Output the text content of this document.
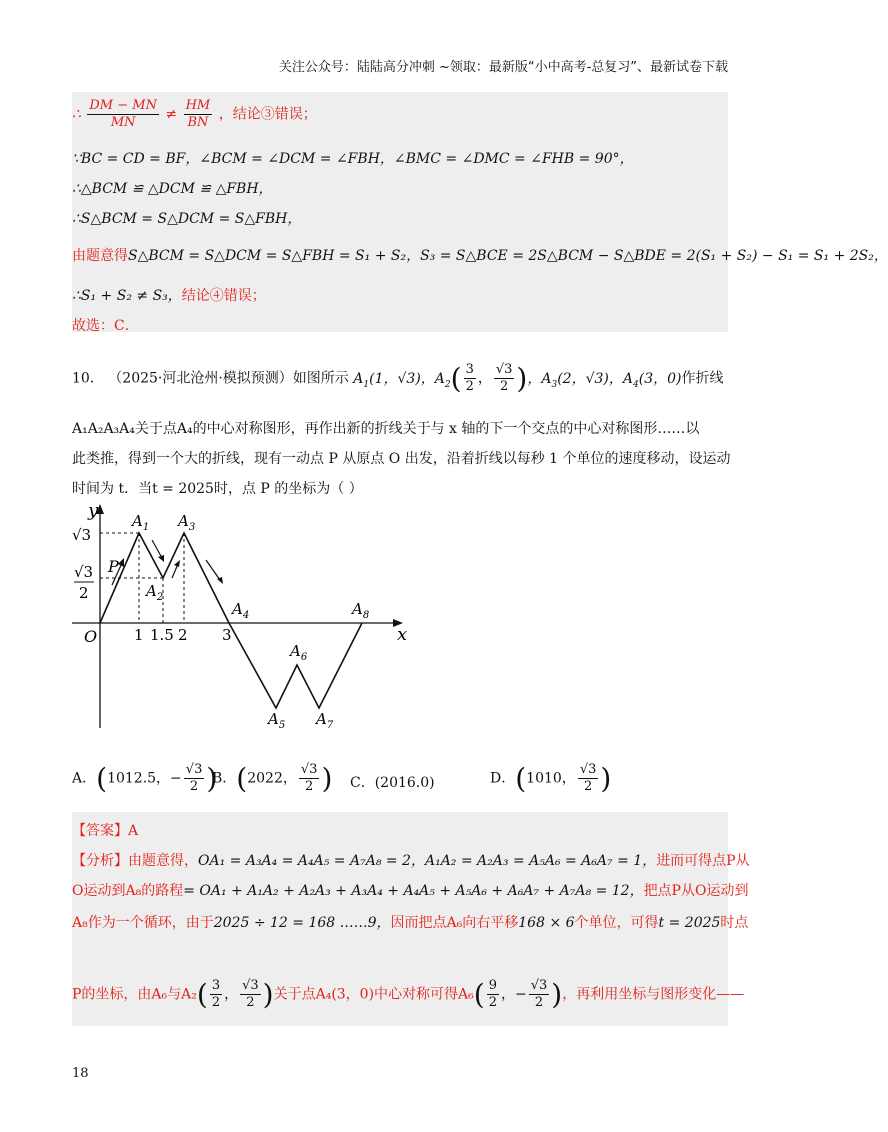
关注公众号：陆陆高分冲刺 ~领取：最新版“小中高考-总复习”、最新试卷下载
∴ $\frac{DM - MN}{MN} \ne \frac{HM}{BN}$ ，结论③错误；
∵BC = CD = BF，∠BCM = ∠DCM = ∠FBH，∠BMC = ∠DMC = ∠FHB = 90°，
∴△BCM ≌ △DCM ≌ △FBH，
∴S△BCM = S△DCM = S△FBH，
由题意得S△BCM = S△DCM = S△FBH = S₁ + S₂，S₃ = S△BCE = 2S△BCM − S△BDE = 2(S₁ + S₂) − S₁ = S₁ + 2S₂，
∴S₁ + S₂ ≠ S₃，结论④错误；
故选：C．
10． （2025·河北沧州·模拟预测）如图所示 $A_1(1$，√3)，$A_2( \frac{3}{2}$ ， $\frac{√3}{2}$ )，$A_3(2$，√3)，$A_4(3$，0)作折线
A₁A₂A₃A₄关于点A₄的中心对称图形，再作出新的折线关于与 x 轴的下一个交点的中心对称图形……以
此类推，得到一个大的折线，现有一动点 P 从原点 O 出发，沿着折线以每秒 1 个单位的速度移动，设运动
时间为 t．当t = 2025时，点 P 的坐标为（ ）
y
x
O
√3
√3
2
1 1.5 2 3
P
$A_1$
$A_2$
$A_3$
$A_4$
$A_5$
$A_6$
$A_7$
$A_8$
A．(1012.5，− $\frac{√3}{2}$ )
B．(2022， $\frac{√3}{2}$ ) C．(2016.0)	D．(1010， $\frac{√3}{2}$ )
【答案】A
【分析】由题意得，OA₁ = A₃A₄ = A₄A₅ = A₇A₈ = 2，A₁A₂ = A₂A₃ = A₅A₆ = A₆A₇ = 1，进而可得点P从
O运动到A₈的路程= OA₁ + A₁A₂ + A₂A₃ + A₃A₄ + A₄A₅ + A₅A₆ + A₆A₇ + A₇A₈ = 12，把点P从O运动到
A₈作为一个循环，由于2025 ÷ 12 = 168 ……9，因而把点A₆向右平移168 × 6个单位，可得t = 2025时点
P的坐标，由A₆与$A_2( \frac{3}{2}$ ， $\frac{√3}{2}$ )关于点A₄(3，0)中心对称可得$A_6( \frac{9}{2}$ ，− $\frac{√3}{2}$ )，再利用坐标与图形变化——
18
